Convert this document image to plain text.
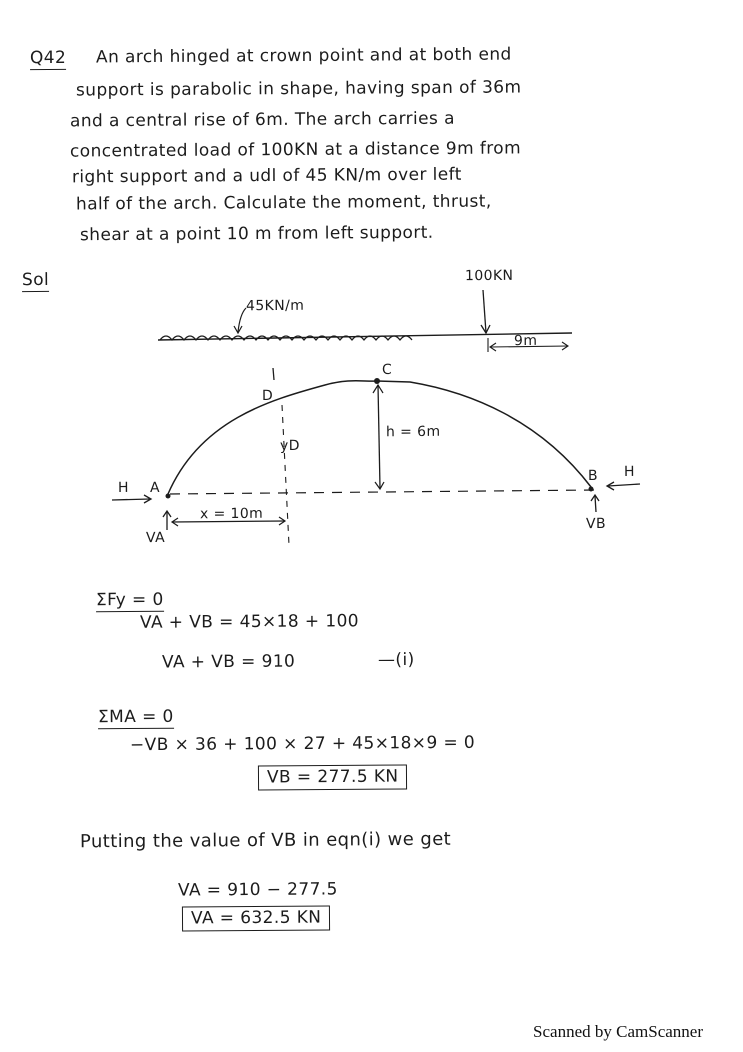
Q42 An arch hinged at crown point and at both end
support is parabolic in shape, having span of 36m
and a central rise of 6m. The arch carries a
concentrated load of 100KN at a distance 9m from
right support and a udl of 45 KN/m over left
half of the arch. Calculate the moment, thrust,
shear at a point 10 m from left support.
Sol
45KN/m
100KN
9m
C
D
h = 6m
yD
A
H
B H
x = 10m
VA
VB
ΣFy = 0
VA + VB = 45×18 + 100
VA + VB = 910	—(i)
ΣMA = 0
−VB × 36 + 100 × 27 + 45×18×9 = 0
VB = 277.5 KN
Putting the value of VB in eqn(i) we get
VA = 910 − 277.5
VA = 632.5 KN
Scanned by CamScanner
